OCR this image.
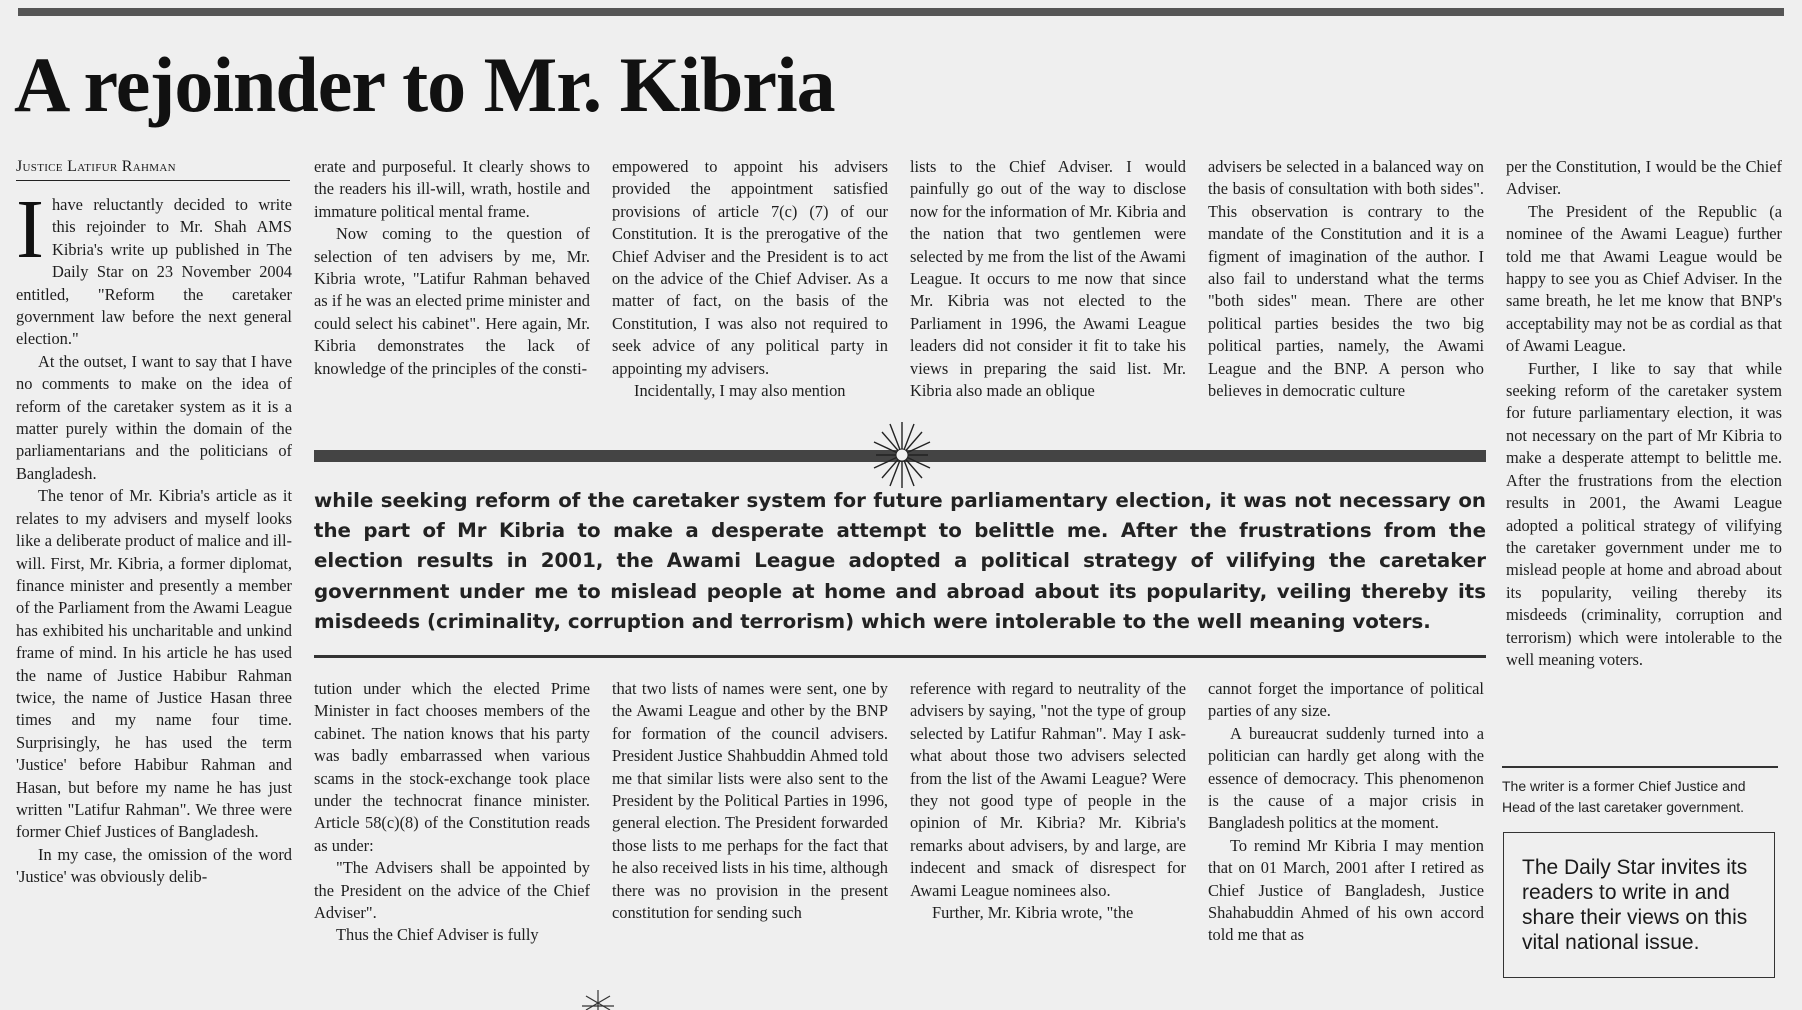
A rejoinder to Mr. Kibria
Justice Latifur Rahman

Ihave reluctantly decided to write this rejoinder to Mr. Shah AMS Kibria's write up published in The Daily Star on 23 November 2004 entitled, "Reform the caretaker government law before the next general election."

At the outset, I want to say that I have no comments to make on the idea of reform of the caretaker system as it is a matter purely within the domain of the parliamentarians and the politicians of Bangladesh.

The tenor of Mr. Kibria's article as it relates to my advisers and myself looks like a deliberate product of malice and ill-will. First, Mr. Kibria, a former diplomat, finance minister and presently a member of the Parliament from the Awami League has exhibited his uncharitable and unkind frame of mind. In his article he has used the name of Justice Habibur Rahman twice, the name of Justice Hasan three times and my name four time. Surprisingly, he has used the term 'Justice' before Habibur Rahman and Hasan, but before my name he has just written "Latifur Rahman". We three were former Chief Justices of Bangladesh.

In my case, the omission of the word 'Justice' was obviously delib-

erate and purposeful. It clearly shows to the readers his ill-will, wrath, hostile and immature political mental frame.

Now coming to the question of selection of ten advisers by me, Mr. Kibria wrote, "Latifur Rahman behaved as if he was an elected prime minister and could select his cabinet". Here again, Mr. Kibria demonstrates the lack of knowledge of the principles of the consti-

empowered to appoint his advisers provided the appointment satisfied provisions of article 7(c) (7) of our Constitution. It is the prerogative of the Chief Adviser and the President is to act on the advice of the Chief Adviser. As a matter of fact, on the basis of the Constitution, I was also not required to seek advice of any political party in appointing my advisers.

Incidentally, I may also mention

lists to the Chief Adviser. I would painfully go out of the way to disclose now for the information of Mr. Kibria and the nation that two gentlemen were selected by me from the list of the Awami League. It occurs to me now that since Mr. Kibria was not elected to the Parliament in 1996, the Awami League leaders did not consider it fit to take his views in preparing the said list. Mr. Kibria also made an oblique

advisers be selected in a balanced way on the basis of consultation with both sides". This observation is contrary to the mandate of the Constitution and it is a figment of imagination of the author. I also fail to understand what the terms "both sides" mean. There are other political parties besides the two big political parties, namely, the Awami League and the BNP. A person who believes in democratic culture

per the Constitution, I would be the Chief Adviser.

The President of the Republic (a nominee of the Awami League) further told me that Awami League would be happy to see you as Chief Adviser. In the same breath, he let me know that BNP's acceptability may not be as cordial as that of Awami League.

Further, I like to say that while seeking reform of the caretaker system for future parliamentary election, it was not necessary on the part of Mr Kibria to make a desperate attempt to belittle me. After the frustrations from the election results in 2001, the Awami League adopted a political strategy of vilifying the caretaker government under me to mislead people at home and abroad about its popularity, veiling thereby its misdeeds (criminality, corruption and terrorism) which were intolerable to the well meaning voters.

while seeking reform of the caretaker system for future parliamentary election, it was not necessary on the part of Mr Kibria to make a desperate attempt to belittle me. After the frustrations from the election results in 2001, the Awami League adopted a political strategy of vilifying the caretaker government under me to mislead people at home and abroad about its popularity, veiling thereby its misdeeds (criminality, corruption and terrorism) which were intolerable to the well meaning voters.

tution under which the elected Prime Minister in fact chooses members of the cabinet. The nation knows that his party was badly embarrassed when various scams in the stock-exchange took place under the technocrat finance minister. Article 58(c)(8) of the Constitution reads as under:

"The Advisers shall be appointed by the President on the advice of the Chief Adviser".

Thus the Chief Adviser is fully

that two lists of names were sent, one by the Awami League and other by the BNP for formation of the council advisers. President Justice Shahbuddin Ahmed told me that similar lists were also sent to the President by the Political Parties in 1996, general election. The President forwarded those lists to me perhaps for the fact that he also received lists in his time, although there was no provision in the present constitution for sending such

reference with regard to neutrality of the advisers by saying, "not the type of group selected by Latifur Rahman". May I ask-what about those two advisers selected from the list of the Awami League? Were they not good type of people in the opinion of Mr. Kibria? Mr. Kibria's remarks about advisers, by and large, are indecent and smack of disrespect for Awami League nominees also.

Further, Mr. Kibria wrote, "the

cannot forget the importance of political parties of any size.

A bureaucrat suddenly turned into a politician can hardly get along with the essence of democracy. This phenomenon is the cause of a major crisis in Bangladesh politics at the moment.

To remind Mr Kibria I may mention that on 01 March, 2001 after I retired as Chief Justice of Bangladesh, Justice Shahabuddin Ahmed of his own accord told me that as

The writer is a former Chief Justice and Head of the last caretaker government.
The Daily Star invites its readers to write in and share their views on this vital national issue.
